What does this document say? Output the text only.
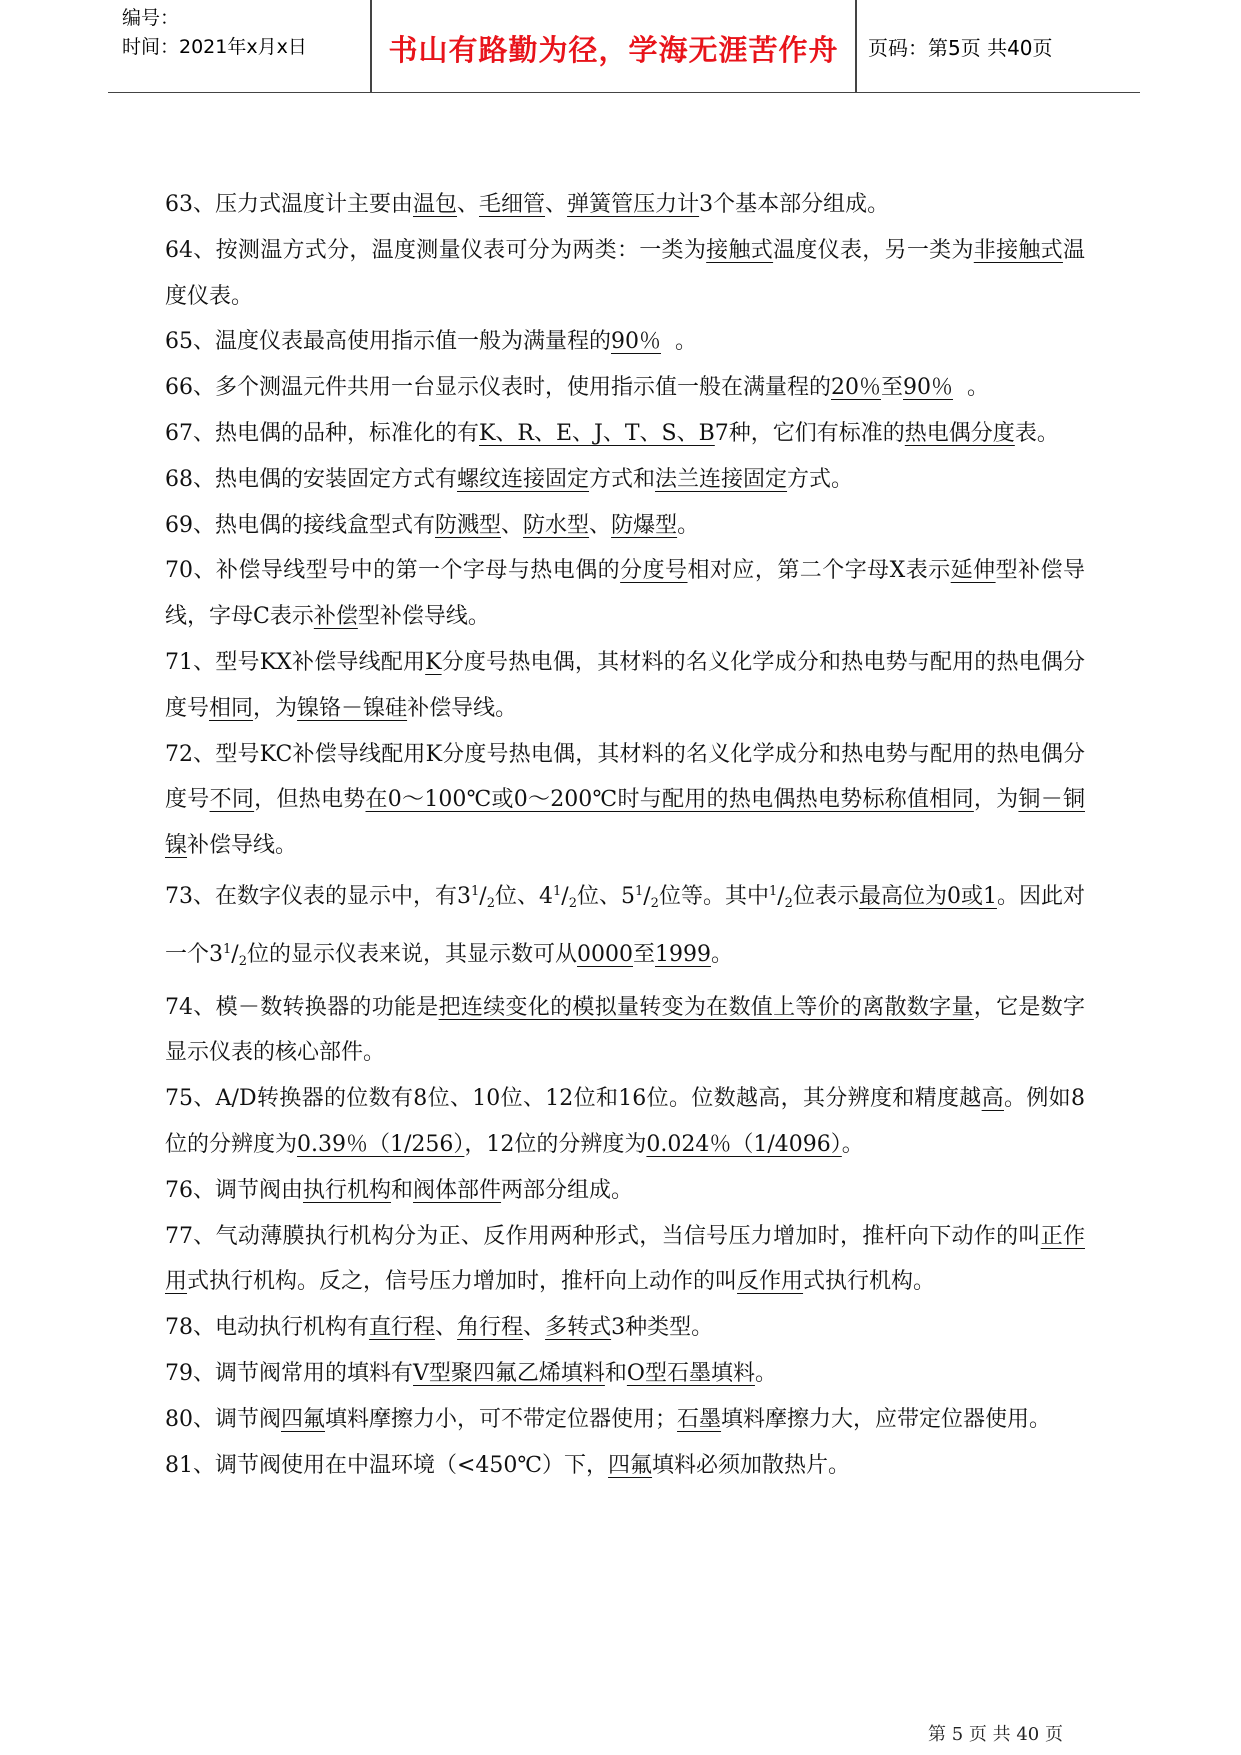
编号：
时间：2021年x月x日	书山有路勤为径，学海无涯苦作舟	页码：第5页 共40页

63、压力式温度计主要由温包、毛细管、弹簧管压力计3个基本部分组成。

64、按测温方式分，温度测量仪表可分为两类：一类为接触式温度仪表，另一类为非接触式温度仪表。

65、温度仪表最高使用指示值一般为满量程的90％ 。

66、多个测温元件共用一台显示仪表时，使用指示值一般在满量程的20％至90％ 。

67、热电偶的品种，标准化的有K、R、E、J、T、S、B7种，它们有标准的热电偶分度表。

68、热电偶的安装固定方式有螺纹连接固定方式和法兰连接固定方式。

69、热电偶的接线盒型式有防溅型、防水型、防爆型。

70、补偿导线型号中的第一个字母与热电偶的分度号相对应，第二个字母X表示延伸型补偿导线，字母C表示补偿型补偿导线。

71、型号KX补偿导线配用K分度号热电偶，其材料的名义化学成分和热电势与配用的热电偶分度号相同，为镍铬－镍硅补偿导线。

72、型号KC补偿导线配用K分度号热电偶，其材料的名义化学成分和热电势与配用的热电偶分度号不同，但热电势在0～100℃或0～200℃时与配用的热电偶热电势标称值相同，为铜－铜镍补偿导线。

73、在数字仪表的显示中，有$3^1/_2$位、$4^1/_2$位、$5^1/_2$位等。其中$^1/_2$位表示最高位为0或1。因此对一个$3^1/_2$位的显示仪表来说，其显示数可从0000至1999。

74、模－数转换器的功能是把连续变化的模拟量转变为在数值上等价的离散数字量，它是数字显示仪表的核心部件。

75、A/D转换器的位数有8位、10位、12位和16位。位数越高，其分辨度和精度越高。例如8位的分辨度为0.39％（1/256），12位的分辨度为0.024％（1/4096）。

76、调节阀由执行机构和阀体部件两部分组成。

77、气动薄膜执行机构分为正、反作用两种形式，当信号压力增加时，推杆向下动作的叫正作用式执行机构。反之，信号压力增加时，推杆向上动作的叫反作用式执行机构。

78、电动执行机构有直行程、角行程、多转式3种类型。

79、调节阀常用的填料有V型聚四氟乙烯填料和O型石墨填料。

80、调节阀四氟填料摩擦力小，可不带定位器使用；石墨填料摩擦力大，应带定位器使用。

81、调节阀使用在中温环境（<450℃）下，四氟填料必须加散热片。

第 5 页 共 40 页
